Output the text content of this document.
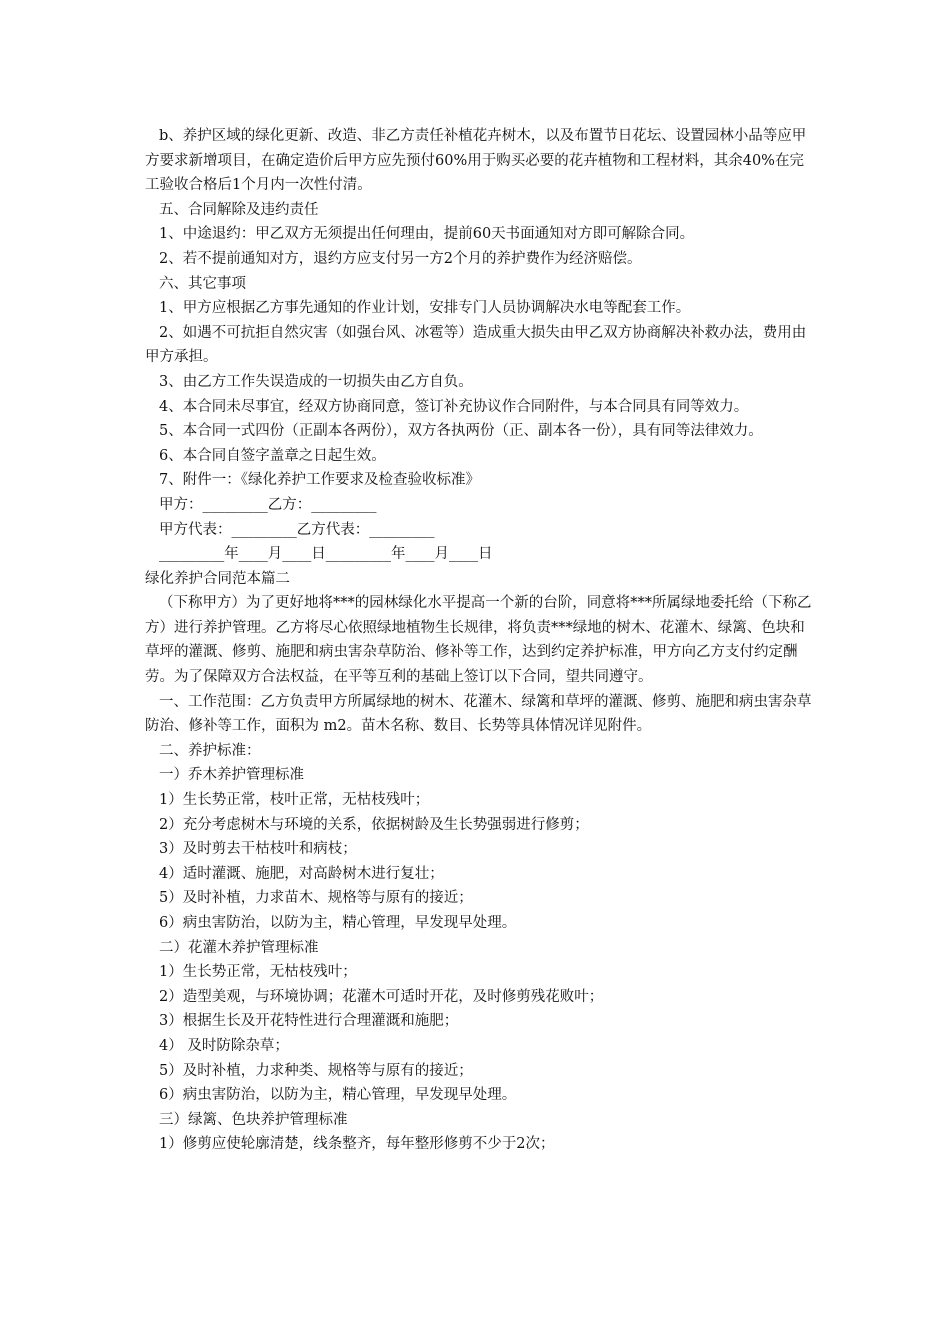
b、养护区域的绿化更新、改造、非乙方责任补植花卉树木，以及布置节日花坛、设置园林小品等应甲方要求新增项目，在确定造价后甲方应先预付60%用于购买必要的花卉植物和工程材料，其余40%在完工验收合格后1个月内一次性付清。

五、合同解除及违约责任

1、中途退约：甲乙双方无须提出任何理由，提前60天书面通知对方即可解除合同。

2、若不提前通知对方，退约方应支付另一方2个月的养护费作为经济赔偿。

六、其它事项

1、甲方应根据乙方事先通知的作业计划，安排专门人员协调解决水电等配套工作。

2、如遇不可抗拒自然灾害（如强台风、冰雹等）造成重大损失由甲乙双方协商解决补救办法，费用由甲方承担。

3、由乙方工作失误造成的一切损失由乙方自负。

4、本合同未尽事宜，经双方协商同意，签订补充协议作合同附件，与本合同具有同等效力。

5、本合同一式四份（正副本各两份），双方各执两份（正、副本各一份），具有同等法律效力。

6、本合同自签字盖章之日起生效。

7、附件一：《绿化养护工作要求及检查验收标准》

甲方：_________乙方：_________

甲方代表：_________乙方代表：_________

_________年____月____日_________年____月____日

绿化养护合同范本篇二

（下称甲方）为了更好地将***的园林绿化水平提高一个新的台阶，同意将***所属绿地委托给（下称乙方）进行养护管理。乙方将尽心依照绿地植物生长规律，将负责***绿地的树木、花灌木、绿篱、色块和草坪的灌溉、修剪、施肥和病虫害杂草防治、修补等工作，达到约定养护标准，甲方向乙方支付约定酬劳。为了保障双方合法权益，在平等互利的基础上签订以下合同，望共同遵守。

一、工作范围：乙方负责甲方所属绿地的树木、花灌木、绿篱和草坪的灌溉、修剪、施肥和病虫害杂草防治、修补等工作，面积为 m2。苗木名称、数目、长势等具体情况详见附件。

二、养护标准：

一）乔木养护管理标准

1）生长势正常，枝叶正常，无枯枝残叶；

2）充分考虑树木与环境的关系，依据树龄及生长势强弱进行修剪；

3）及时剪去干枯枝叶和病枝；

4）适时灌溉、施肥，对高龄树木进行复壮；

5）及时补植，力求苗木、规格等与原有的接近；

6）病虫害防治，以防为主，精心管理，早发现早处理。

二）花灌木养护管理标准

1）生长势正常，无枯枝残叶；

2）造型美观，与环境协调；花灌木可适时开花，及时修剪残花败叶；

3）根据生长及开花特性进行合理灌溉和施肥；

4） 及时防除杂草；

5）及时补植，力求种类、规格等与原有的接近；

6）病虫害防治，以防为主，精心管理，早发现早处理。

三）绿篱、色块养护管理标准

1）修剪应使轮廓清楚，线条整齐，每年整形修剪不少于2次；
